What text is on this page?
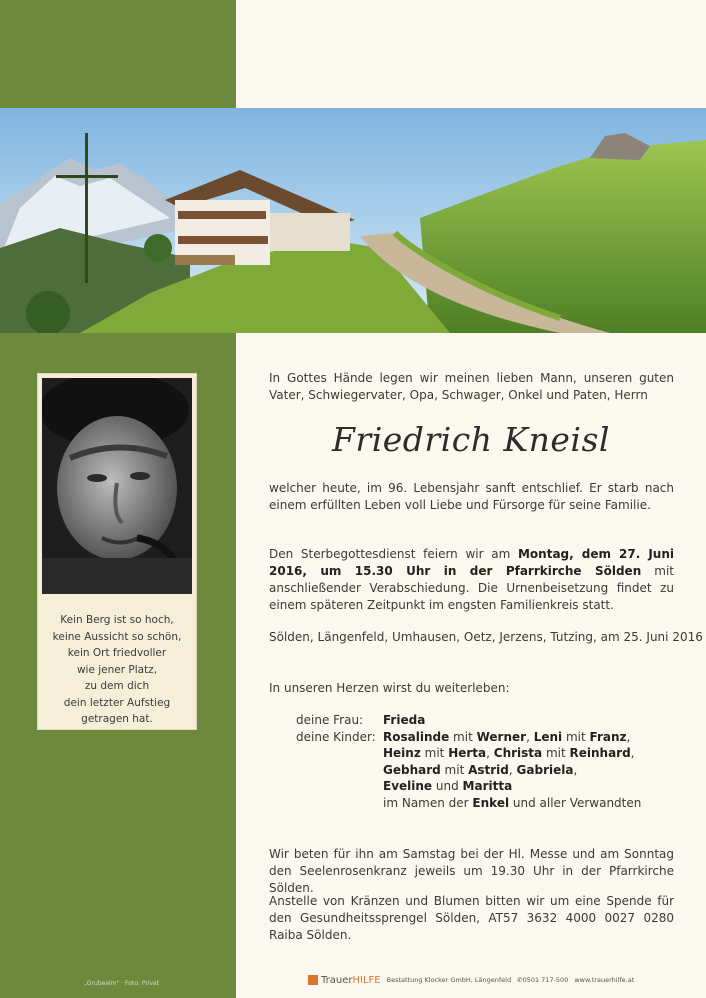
Kein Berg ist so hoch,
keine Aussicht so schön,
kein Ort friedvoller
wie jener Platz,
zu dem dich
dein letzter Aufstieg
getragen hat.
In Gottes Hände legen wir meinen lieben Mann, unseren guten Vater, Schwiegervater, Opa, Schwager, Onkel und Paten, Herrn
Friedrich Kneisl
welcher heute, im 96. Lebensjahr sanft entschlief. Er starb nach einem erfüllten Leben voll Liebe und Fürsorge für seine Familie.
Den Sterbegottesdienst feiern wir am Montag, dem 27. Juni 2016, um 15.30 Uhr in der Pfarrkirche Sölden mit anschließender Verabschiedung. Die Urnenbeisetzung findet zu einem späteren Zeitpunkt im engsten Familienkreis statt.
Sölden, Längenfeld, Umhausen, Oetz, Jerzens, Tutzing, am 25. Juni 2016
In unseren Herzen wirst du weiterleben:
deine Frau: Frieda
deine Kinder: Rosalinde mit Werner, Leni mit Franz,
Heinz mit Herta, Christa mit Reinhard,
Gebhard mit Astrid, Gabriela,
Eveline und Maritta
im Namen der Enkel und aller Verwandten
Wir beten für ihn am Samstag bei der Hl. Messe und am Sonntag den Seelenrosenkranz jeweils um 19.30 Uhr in der Pfarrkirche Sölden.
Anstelle von Kränzen und Blumen bitten wir um eine Spende für den Gesundheitssprengel Sölden, AT57 3632 4000 0027 0280 Raiba Sölden.
„Grubealm" · Foto: Privat	TrauerHILFE Bestattung Klocker GmbH, Längenfeld ✆0501 717-500 www.trauerhilfe.at
